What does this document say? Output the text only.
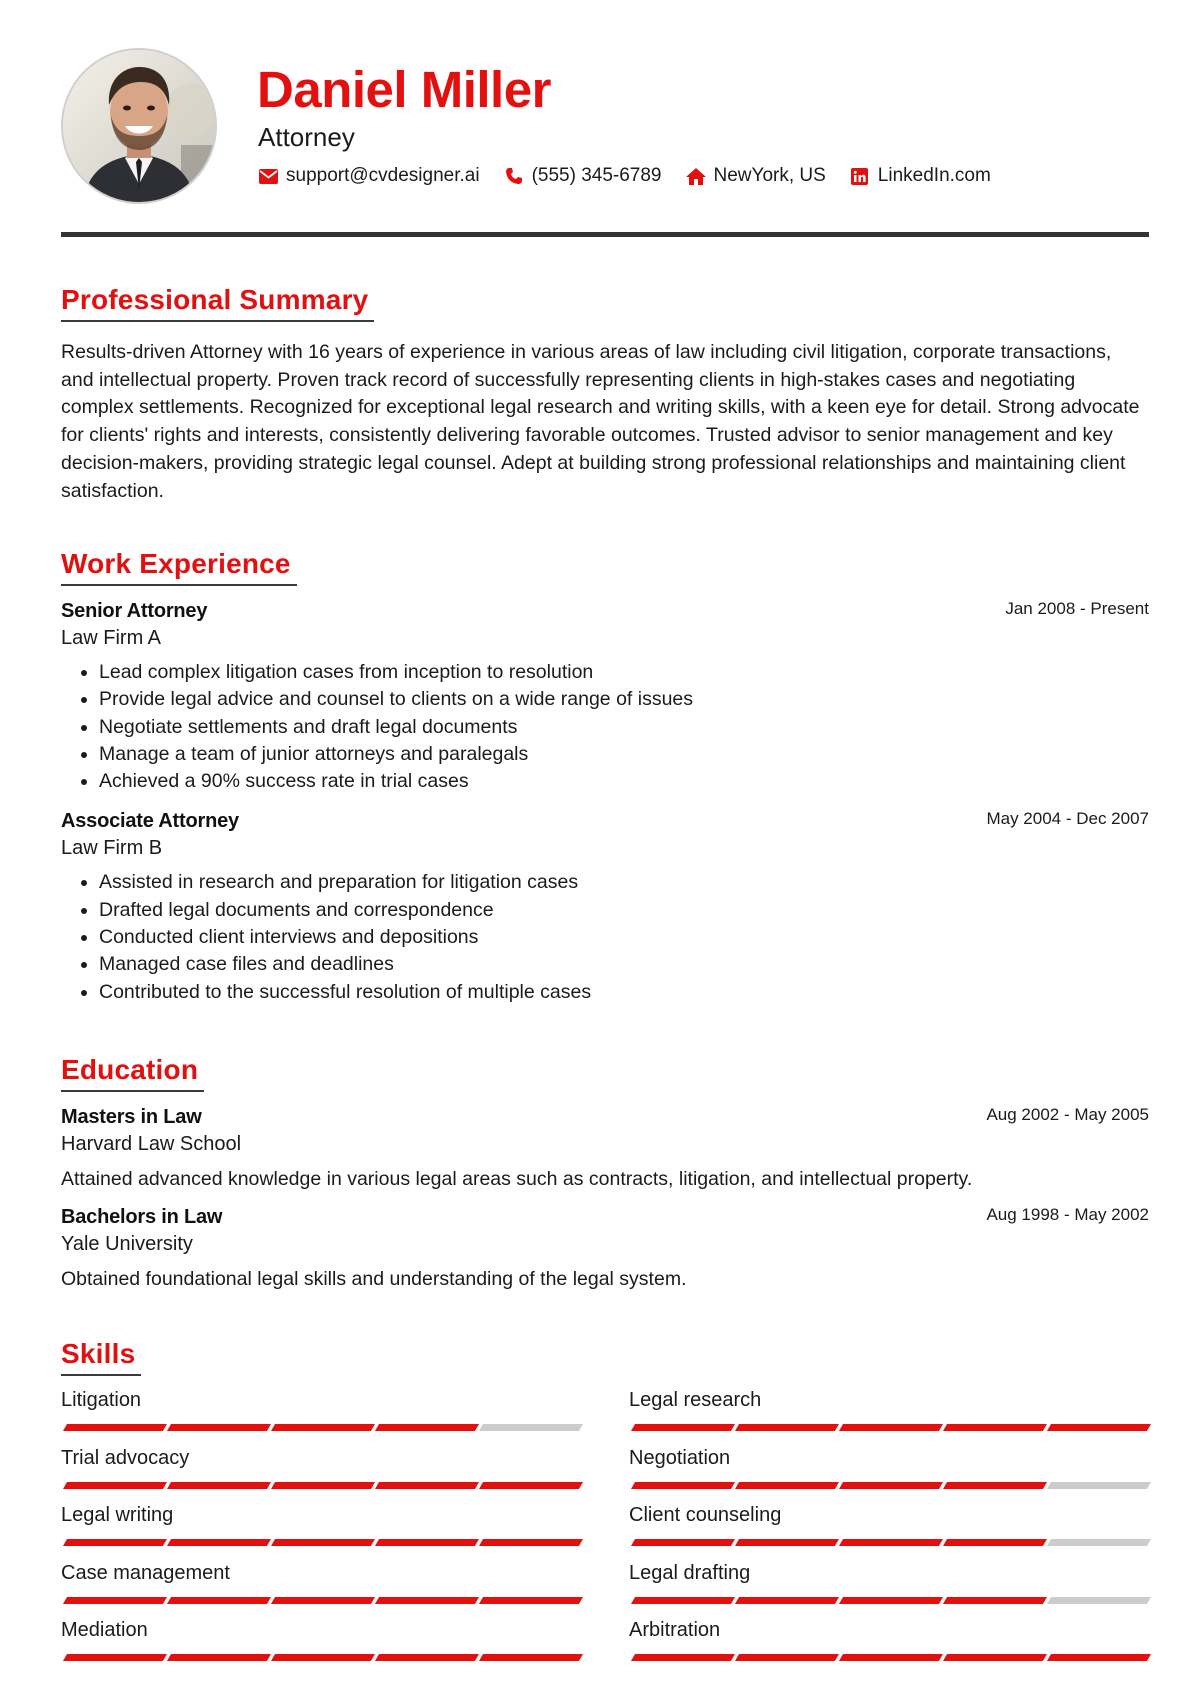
Daniel Miller
Attorney
support@cvdesigner.ai	(555) 345-6789	NewYork, US	LinkedIn.com
Professional Summary
Results-driven Attorney with 16 years of experience in various areas of law including civil litigation, corporate transactions, and intellectual property. Proven track record of successfully representing clients in high-stakes cases and negotiating complex settlements. Recognized for exceptional legal research and writing skills, with a keen eye for detail. Strong advocate for clients' rights and interests, consistently delivering favorable outcomes. Trusted advisor to senior management and key decision-makers, providing strategic legal counsel. Adept at building strong professional relationships and maintaining client satisfaction.
Work Experience
Senior Attorney	Jan 2008 - Present
Law Firm A
• Lead complex litigation cases from inception to resolution
• Provide legal advice and counsel to clients on a wide range of issues
• Negotiate settlements and draft legal documents
• Manage a team of junior attorneys and paralegals
• Achieved a 90% success rate in trial cases
Associate Attorney	May 2004 - Dec 2007
Law Firm B
• Assisted in research and preparation for litigation cases
• Drafted legal documents and correspondence
• Conducted client interviews and depositions
• Managed case files and deadlines
• Contributed to the successful resolution of multiple cases
Education
Masters in Law	Aug 2002 - May 2005
Harvard Law School
Attained advanced knowledge in various legal areas such as contracts, litigation, and intellectual property.
Bachelors in Law	Aug 1998 - May 2002
Yale University
Obtained foundational legal skills and understanding of the legal system.
Skills
Litigation	Legal research
Trial advocacy	Negotiation
Legal writing	Client counseling
Case management	Legal drafting
Mediation	Arbitration
